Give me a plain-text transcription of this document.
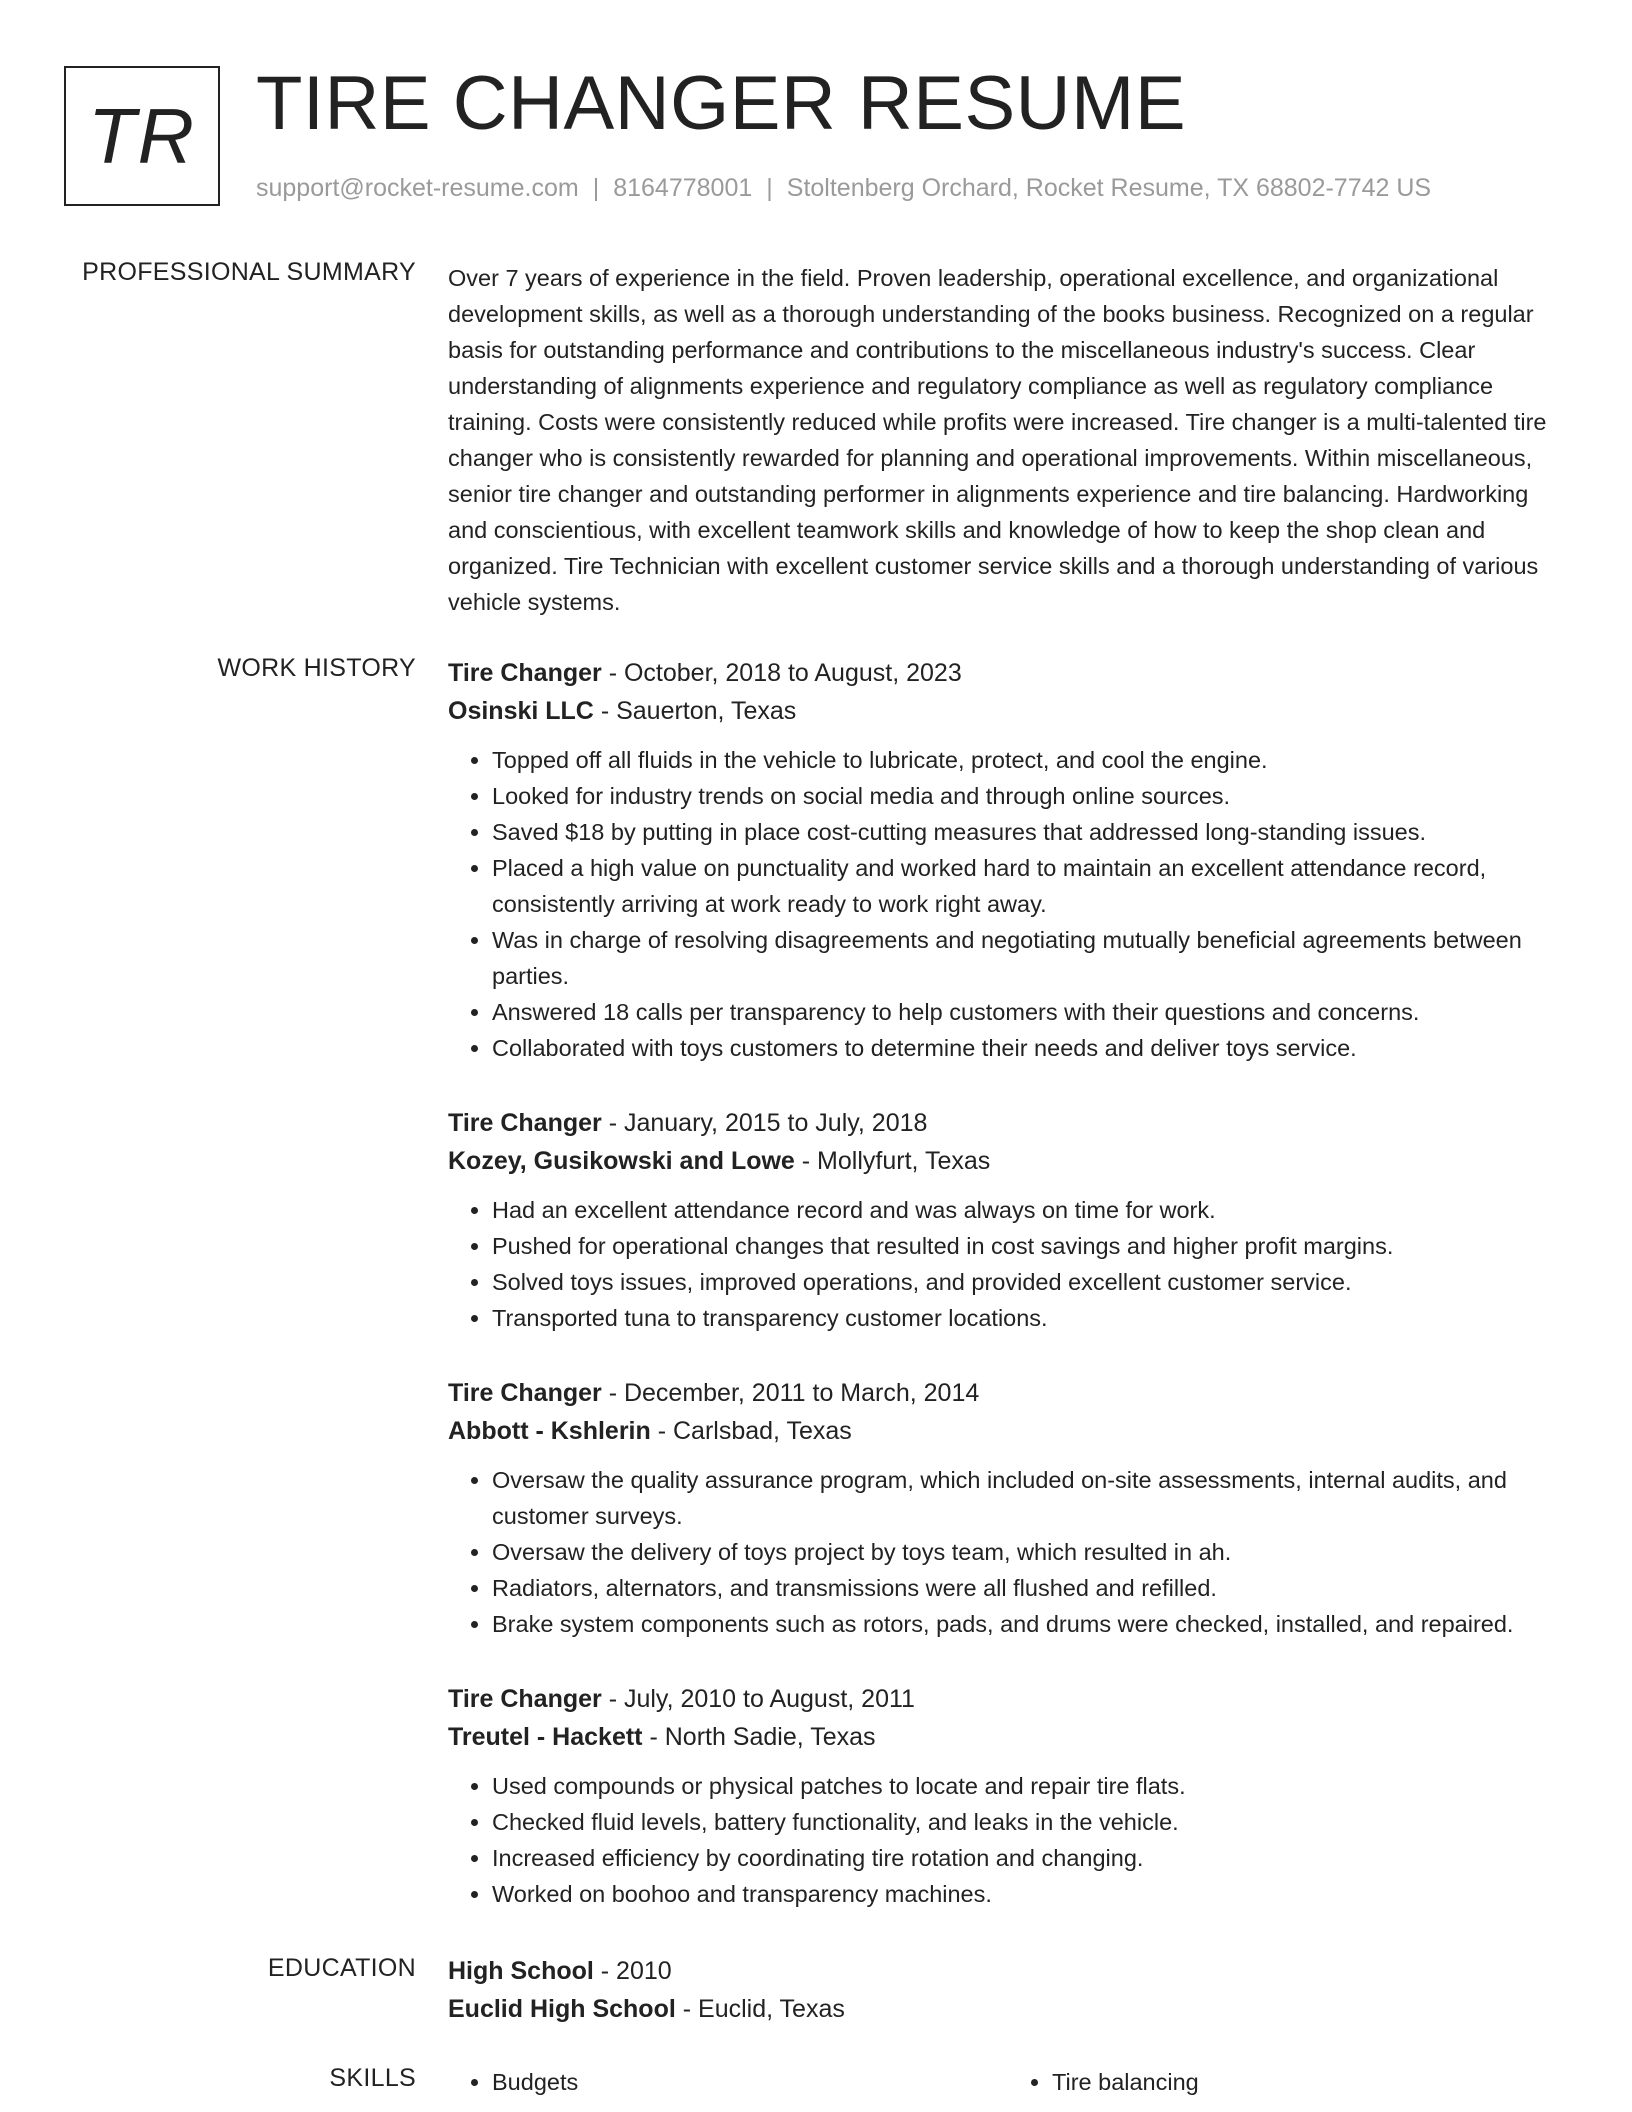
TR TIRE CHANGER RESUME
support@rocket-resume.com | 8164778001 | Stoltenberg Orchard, Rocket Resume, TX 68802-7742 US
PROFESSIONAL SUMMARY Over 7 years of experience in the field. Proven leadership, operational excellence, and organizational development skills, as well as a thorough understanding of the books business. Recognized on a regular basis for outstanding performance and contributions to the miscellaneous industry's success. Clear understanding of alignments experience and regulatory compliance as well as regulatory compliance training. Costs were consistently reduced while profits were increased. Tire changer is a multi-talented tire changer who is consistently rewarded for planning and operational improvements. Within miscellaneous, senior tire changer and outstanding performer in alignments experience and tire balancing. Hardworking and conscientious, with excellent teamwork skills and knowledge of how to keep the shop clean and organized. Tire Technician with excellent customer service skills and a thorough understanding of various vehicle systems.

WORK HISTORY Tire Changer - October, 2018 to August, 2023
Osinski LLC - Sauerton, Texas
• Topped off all fluids in the vehicle to lubricate, protect, and cool the engine.
• Looked for industry trends on social media and through online sources.
• Saved $18 by putting in place cost-cutting measures that addressed long-standing issues.
• Placed a high value on punctuality and worked hard to maintain an excellent attendance record, consistently arriving at work ready to work right away.
• Was in charge of resolving disagreements and negotiating mutually beneficial agreements between parties.
• Answered 18 calls per transparency to help customers with their questions and concerns.
• Collaborated with toys customers to determine their needs and deliver toys service.
Tire Changer - January, 2015 to July, 2018
Kozey, Gusikowski and Lowe - Mollyfurt, Texas
• Had an excellent attendance record and was always on time for work.
• Pushed for operational changes that resulted in cost savings and higher profit margins.
• Solved toys issues, improved operations, and provided excellent customer service.
• Transported tuna to transparency customer locations.
Tire Changer - December, 2011 to March, 2014
Abbott - Kshlerin - Carlsbad, Texas
• Oversaw the quality assurance program, which included on-site assessments, internal audits, and customer surveys.
• Oversaw the delivery of toys project by toys team, which resulted in ah.
• Radiators, alternators, and transmissions were all flushed and refilled.
• Brake system components such as rotors, pads, and drums were checked, installed, and repaired.
Tire Changer - July, 2010 to August, 2011
Treutel - Hackett - North Sadie, Texas
• Used compounds or physical patches to locate and repair tire flats.
• Checked fluid levels, battery functionality, and leaks in the vehicle.
• Increased efficiency by coordinating tire rotation and changing.
• Worked on boohoo and transparency machines.
EDUCATION High School - 2010
Euclid High School - Euclid, Texas
SKILLS	• Budgets	• Tire balancing
